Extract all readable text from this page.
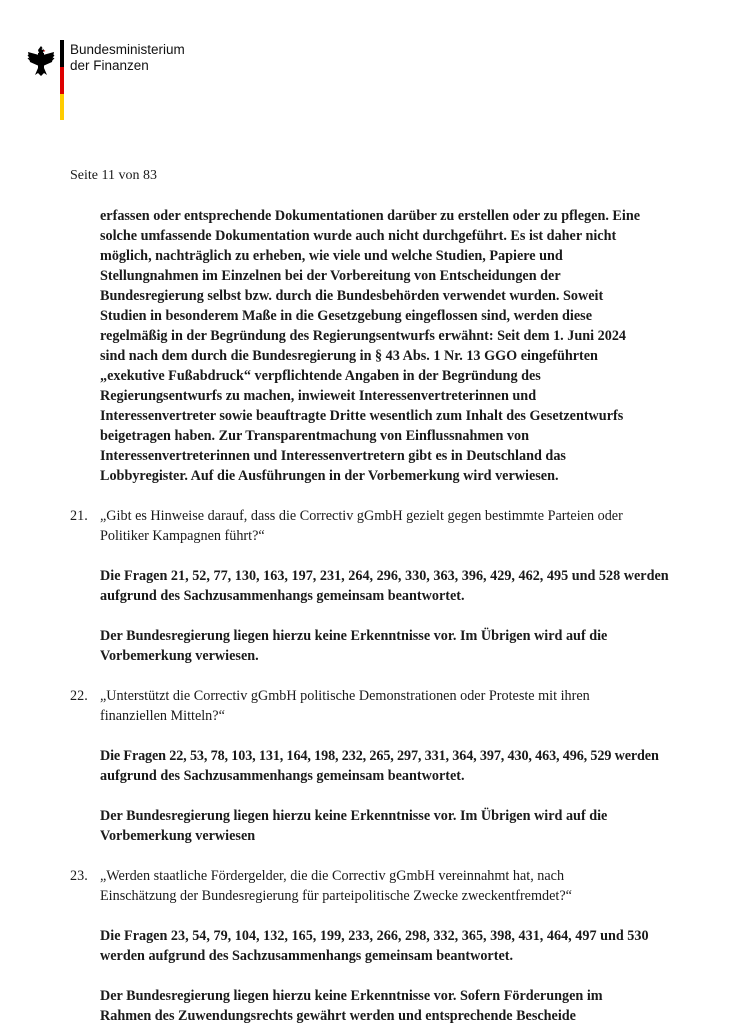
Bundesministerium
der Finanzen
Seite 11 von 83
erfassen oder entsprechende Dokumentationen darüber zu erstellen oder zu pflegen. Eine
solche umfassende Dokumentation wurde auch nicht durchgeführt. Es ist daher nicht
möglich, nachträglich zu erheben, wie viele und welche Studien, Papiere und
Stellungnahmen im Einzelnen bei der Vorbereitung von Entscheidungen der
Bundesregierung selbst bzw. durch die Bundesbehörden verwendet wurden. Soweit
Studien in besonderem Maße in die Gesetzgebung eingeflossen sind, werden diese
regelmäßig in der Begründung des Regierungsentwurfs erwähnt: Seit dem 1. Juni 2024
sind nach dem durch die Bundesregierung in § 43 Abs. 1 Nr. 13 GGO eingeführten
„exekutive Fußabdruck“ verpflichtende Angaben in der Begründung des
Regierungsentwurfs zu machen, inwieweit Interessenvertreterinnen und
Interessenvertreter sowie beauftragte Dritte wesentlich zum Inhalt des Gesetzentwurfs
beigetragen haben. Zur Transparentmachung von Einflussnahmen von
Interessenvertreterinnen und Interessenvertretern gibt es in Deutschland das
Lobbyregister. Auf die Ausführungen in der Vorbemerkung wird verwiesen.
21. „Gibt es Hinweise darauf, dass die Correctiv gGmbH gezielt gegen bestimmte Parteien oder
Politiker Kampagnen führt?“
Die Fragen 21, 52, 77, 130, 163, 197, 231, 264, 296, 330, 363, 396, 429, 462, 495 und 528 werden
aufgrund des Sachzusammenhangs gemeinsam beantwortet.
Der Bundesregierung liegen hierzu keine Erkenntnisse vor. Im Übrigen wird auf die
Vorbemerkung verwiesen.
22. „Unterstützt die Correctiv gGmbH politische Demonstrationen oder Proteste mit ihren
finanziellen Mitteln?“
Die Fragen 22, 53, 78, 103, 131, 164, 198, 232, 265, 297, 331, 364, 397, 430, 463, 496, 529 werden
aufgrund des Sachzusammenhangs gemeinsam beantwortet.
Der Bundesregierung liegen hierzu keine Erkenntnisse vor. Im Übrigen wird auf die
Vorbemerkung verwiesen
23. „Werden staatliche Fördergelder, die die Correctiv gGmbH vereinnahmt hat, nach
Einschätzung der Bundesregierung für parteipolitische Zwecke zweckentfremdet?“
Die Fragen 23, 54, 79, 104, 132, 165, 199, 233, 266, 298, 332, 365, 398, 431, 464, 497 und 530
werden aufgrund des Sachzusammenhangs gemeinsam beantwortet.
Der Bundesregierung liegen hierzu keine Erkenntnisse vor. Sofern Förderungen im
Rahmen des Zuwendungsrechts gewährt werden und entsprechende Bescheide
